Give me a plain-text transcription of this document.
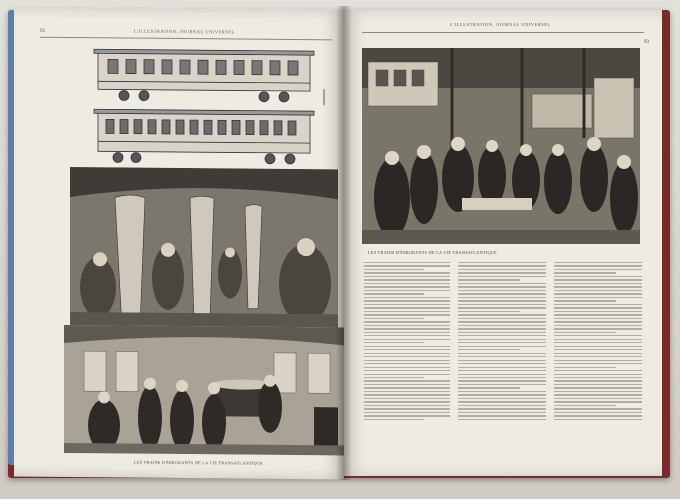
92	L'ILLUSTRATION, JOURNAL UNIVERSEL
LES TRAINS D'ÉMIGRANTS DE LA CIE TRANSATLANTIQUE
L'ILLUSTRATION, JOURNAL UNIVERSEL
93
LES TRAINS D'ÉMIGRANTS DE LA CIE TRANSATLANTIQUE
